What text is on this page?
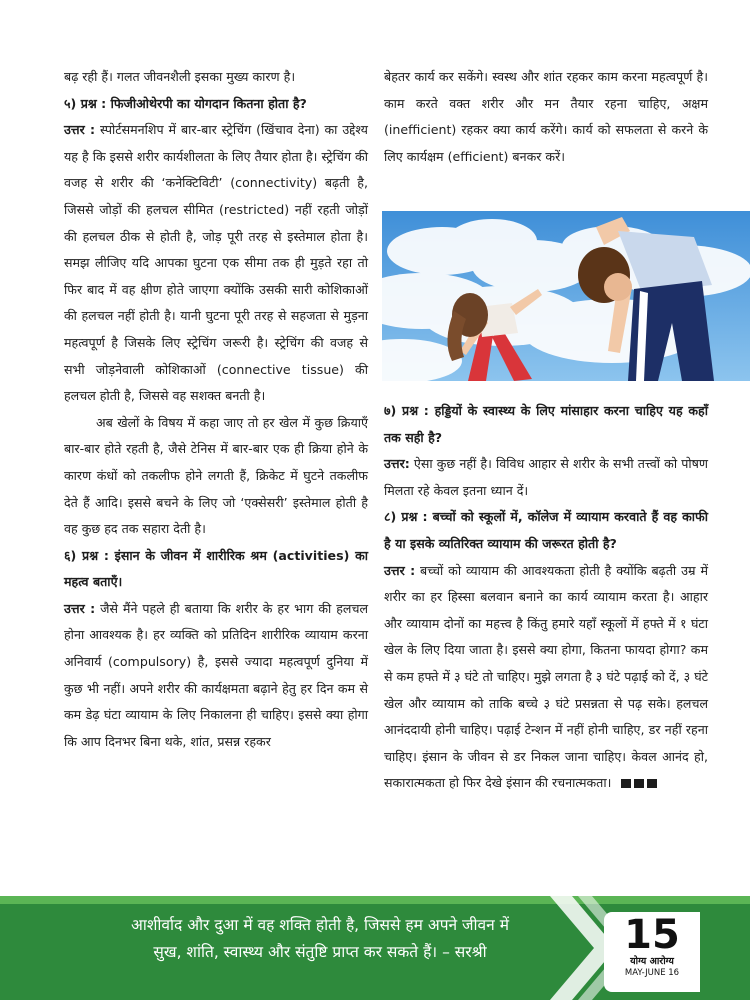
बढ़ रही हैं। गलत जीवनशैली इसका मुख्य कारण है।

५) प्रश्न : फिजीओथेरपी का योगदान कितना होता है?

उत्तर : स्पोर्टसमनशिप में बार-बार स्ट्रेचिंग (खिंचाव देना) का उद्देश्य यह है कि इससे शरीर कार्यशीलता के लिए तैयार होता है। स्ट्रेचिंग की वजह से शरीर की ‘कनेक्टिविटी’ (connectivity) बढ़ती है, जिससे जोड़ों की हलचल सीमित (restricted) नहीं रहती जोड़ों की हलचल ठीक से होती है, जोड़ पूरी तरह से इस्तेमाल होता है। समझ लीजिए यदि आपका घुटना एक सीमा तक ही मुड़ते रहा तो फिर बाद में वह क्षीण होते जाएगा क्योंकि उसकी सारी कोशिकाओं की हलचल नहीं होती है। यानी घुटना पूरी तरह से सहजता से मुड़ना महत्वपूर्ण है जिसके लिए स्ट्रेचिंग जरूरी है। स्ट्रेचिंग की वजह से सभी जोड़नेवाली कोशिकाओं (connective tissue) की हलचल होती है, जिससे वह सशक्त बनती है।

अब खेलों के विषय में कहा जाए तो हर खेल में कुछ क्रियाएँ बार-बार होते रहती है, जैसे टेनिस में बार-बार एक ही क्रिया होने के कारण कंधों को तकलीफ होने लगती हैं, क्रिकेट में घुटने तकलीफ देते हैं आदि। इससे बचने के लिए जो ‘एक्सेसरी’ इस्तेमाल होती है वह कुछ हद तक सहारा देती है।

६) प्रश्न : इंसान के जीवन में शारीरिक श्रम (activities) का महत्व बताएँ।

उत्तर : जैसे मैंने पहले ही बताया कि शरीर के हर भाग की हलचल होना आवश्यक है। हर व्यक्ति को प्रतिदिन शारीरिक व्यायाम करना अनिवार्य (compulsory) है, इससे ज्यादा महत्वपूर्ण दुनिया में कुछ भी नहीं। अपने शरीर की कार्यक्षमता बढ़ाने हेतु हर दिन कम से कम डेढ़ घंटा व्यायाम के लिए निकालना ही चाहिए। इससे क्या होगा कि आप दिनभर बिना थके, शांत, प्रसन्न रहकर

बेहतर कार्य कर सकेंगे। स्वस्थ और शांत रहकर काम करना महत्वपूर्ण है। काम करते वक्त शरीर और मन तैयार रहना चाहिए, अक्षम (inefficient) रहकर क्या कार्य करेंगे। कार्य को सफलता से करने के लिए कार्यक्षम (efficient) बनकर करें।

७) प्रश्न : हड्डियों के स्वास्थ्य के लिए मांसाहार करना चाहिए यह कहाँ तक सही है?

उत्तर: ऐसा कुछ नहीं है। विविध आहार से शरीर के सभी तत्त्वों को पोषण मिलता रहे केवल इतना ध्यान दें।

८) प्रश्न : बच्चों को स्कूलों में, कॉलेज में व्यायाम करवाते हैं वह काफी है या इसके व्यतिरिक्त व्यायाम की जरूरत होती है?

उत्तर : बच्चों को व्यायाम की आवश्यकता होती है क्योंकि बढ़ती उम्र में शरीर का हर हिस्सा बलवान बनाने का कार्य व्यायाम करता है। आहार और व्यायाम दोनों का महत्त्व है किंतु हमारे यहाँ स्कूलों में हफ्ते में १ घंटा खेल के लिए दिया जाता है। इससे क्या होगा, कितना फायदा होगा? कम से कम हफ्ते में ३ घंटे तो चाहिए। मुझे लगता है ३ घंटे पढ़ाई को दें, ३ घंटे खेल और व्यायाम को ताकि बच्चे ३ घंटे प्रसन्नता से पढ़ सके। हलचल आनंददायी होनी चाहिए। पढ़ाई टेन्शन में नहीं होनी चाहिए, डर नहीं रहना चाहिए। इंसान के जीवन से डर निकल जाना चाहिए। केवल आनंद हो, सकारात्मकता हो फिर देखे इंसान की रचनात्मकता।

आशीर्वाद और दुआ में वह शक्ति होती है, जिससे हम अपने जीवन में
सुख, शांति, स्वास्थ्य और संतुष्टि प्राप्त कर सकते हैं। – सरश्री	15
योग्य आरोग्य
MAY-JUNE 16
